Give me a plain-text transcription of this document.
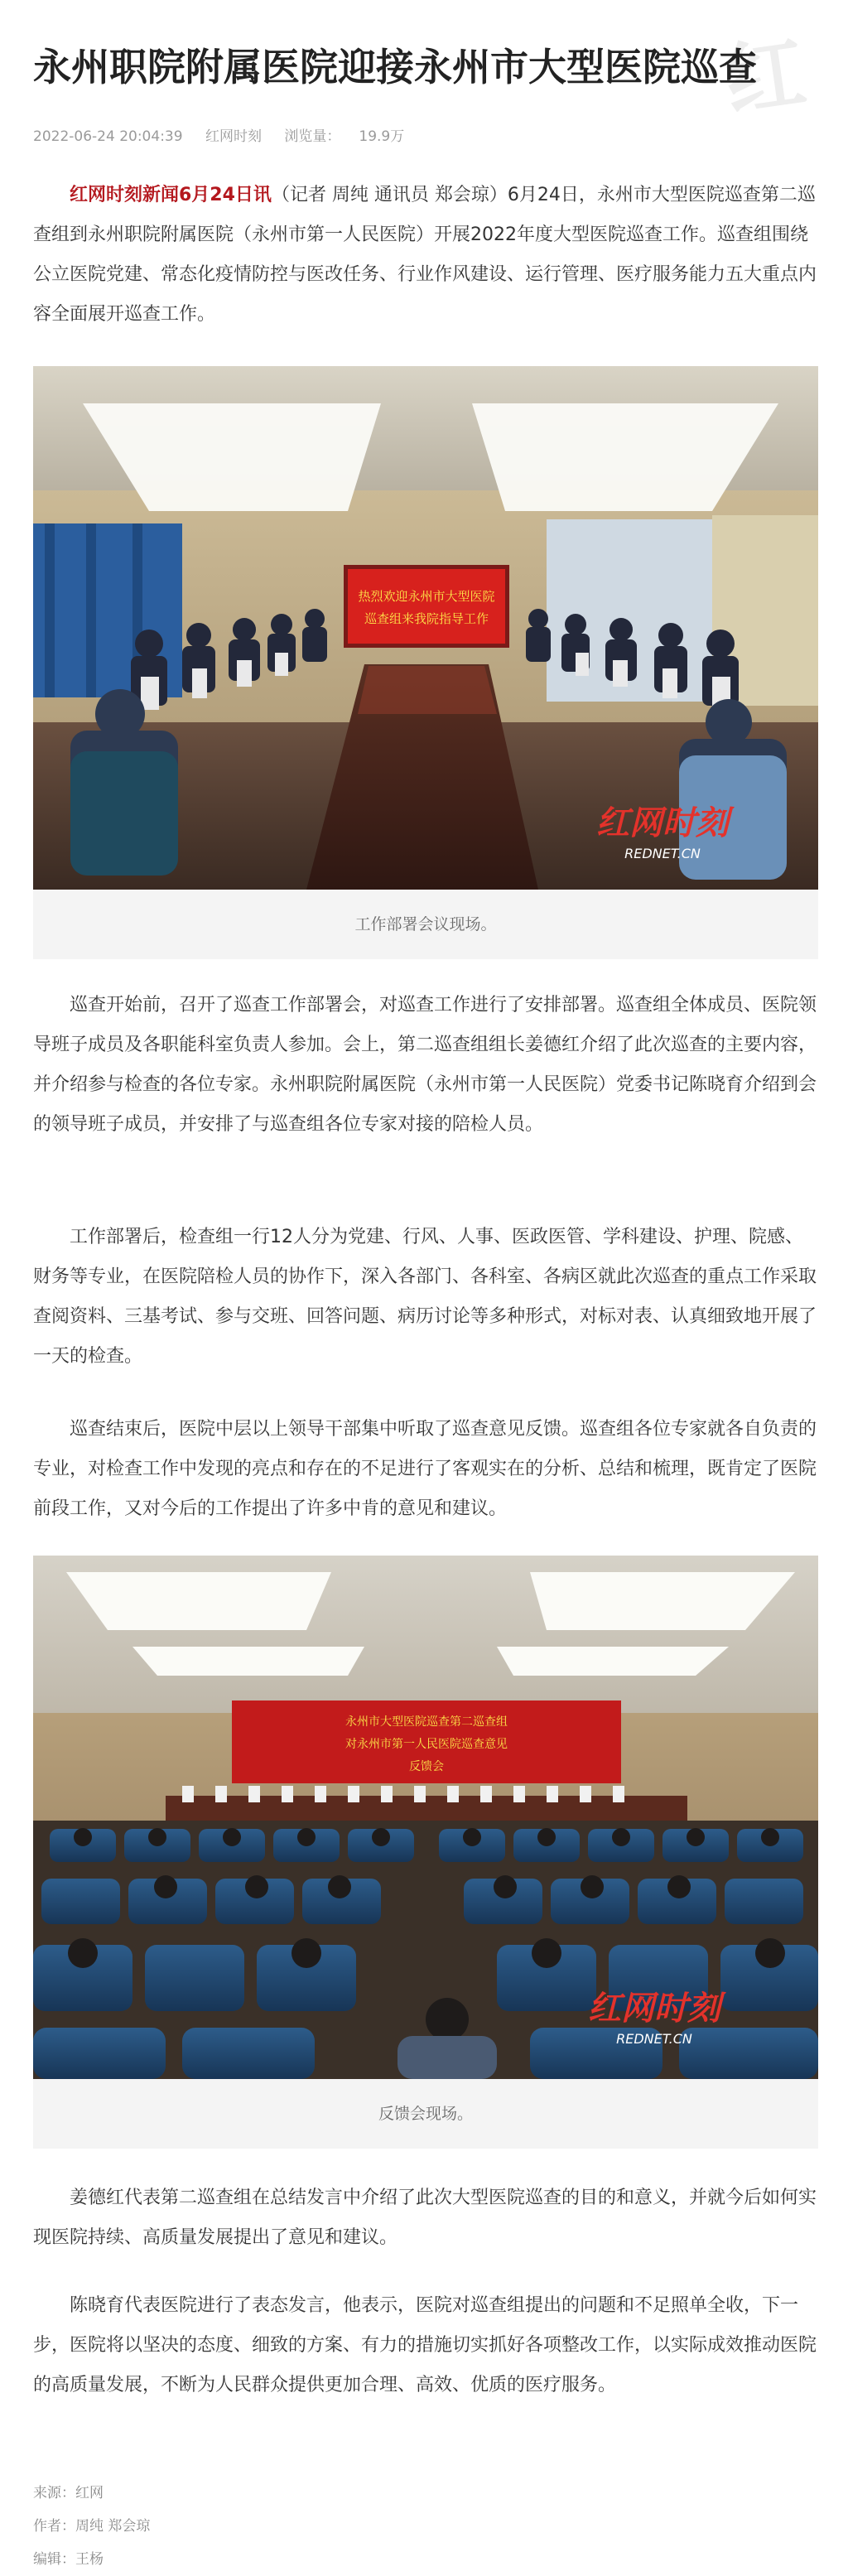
红
永州职院附属医院迎接永州市大型医院巡查
2022-06-24 20:04:39 红网时刻 浏览量： 19.9万

红网时刻新闻6月24日讯（记者 周纯 通讯员 郑会琼）6月24日，永州市大型医院巡查第二巡查组到永州职院附属医院（永州市第一人民医院）开展2022年度大型医院巡查工作。巡查组围绕公立医院党建、常态化疫情防控与医改任务、行业作风建设、运行管理、医疗服务能力五大重点内容全面展开巡查工作。

热烈欢迎永州市大型医院
巡查组来我院指导工作
红网时刻
REDNET.CN
工作部署会议现场。

巡查开始前，召开了巡查工作部署会，对巡查工作进行了安排部署。巡查组全体成员、医院领导班子成员及各职能科室负责人参加。会上，第二巡查组组长姜德红介绍了此次巡查的主要内容，并介绍参与检查的各位专家。永州职院附属医院（永州市第一人民医院）党委书记陈晓育介绍到会的领导班子成员，并安排了与巡查组各位专家对接的陪检人员。

工作部署后，检查组一行12人分为党建、行风、人事、医政医管、学科建设、护理、院感、财务等专业，在医院陪检人员的协作下，深入各部门、各科室、各病区就此次巡查的重点工作采取查阅资料、三基考试、参与交班、回答问题、病历讨论等多种形式，对标对表、认真细致地开展了一天的检查。

巡查结束后，医院中层以上领导干部集中听取了巡查意见反馈。巡查组各位专家就各自负责的专业，对检查工作中发现的亮点和存在的不足进行了客观实在的分析、总结和梳理，既肯定了医院前段工作，又对今后的工作提出了许多中肯的意见和建议。

永州市大型医院巡查第二巡查组
对永州市第一人民医院巡查意见
反馈会
红网时刻
REDNET.CN
反馈会现场。

姜德红代表第二巡查组在总结发言中介绍了此次大型医院巡查的目的和意义，并就今后如何实现医院持续、高质量发展提出了意见和建议。

陈晓育代表医院进行了表态发言，他表示，医院对巡查组提出的问题和不足照单全收，下一步，医院将以坚决的态度、细致的方案、有力的措施切实抓好各项整改工作，以实际成效推动医院的高质量发展，不断为人民群众提供更加合理、高效、优质的医疗服务。

来源：红网
作者：周纯 郑会琼
编辑：王杨
